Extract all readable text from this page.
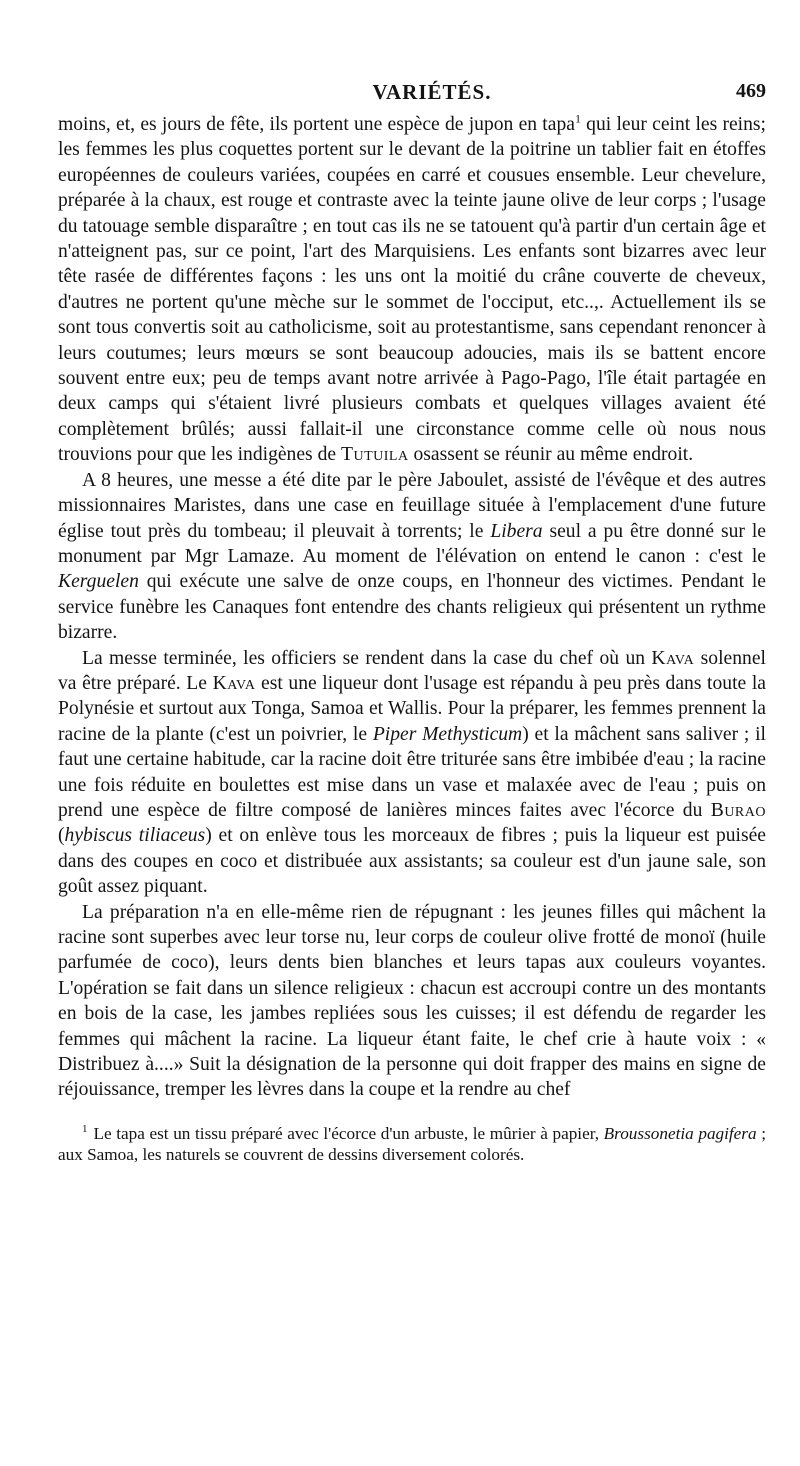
VARIÉTÉS.	469

moins, et, es jours de fête, ils portent une espèce de jupon en tapa$^1$ qui leur ceint les reins; les femmes les plus coquettes portent sur le devant de la poitrine un tablier fait en étoffes européennes de couleurs variées, coupées en carré et cousues ensemble. Leur chevelure, préparée à la chaux, est rouge et contraste avec la teinte jaune olive de leur corps ; l'usage du tatouage semble disparaître ; en tout cas ils ne se tatouent qu'à partir d'un certain âge et n'atteignent pas, sur ce point, l'art des Marquisiens. Les enfants sont bizarres avec leur tête rasée de différentes façons : les uns ont la moitié du crâne couverte de cheveux, d'autres ne portent qu'une mèche sur le sommet de l'occiput, etc..,. Actuellement ils se sont tous convertis soit au catholicisme, soit au protestantisme, sans cependant renoncer à leurs coutumes; leurs mœurs se sont beaucoup adoucies, mais ils se battent encore souvent entre eux; peu de temps avant notre arrivée à Pago-Pago, l'île était partagée en deux camps qui s'étaient livré plusieurs combats et quelques villages avaient été complètement brûlés; aussi fallait-il une circonstance comme celle où nous nous trouvions pour que les indigènes de Tutuila osassent se réunir au même endroit.

A 8 heures, une messe a été dite par le père Jaboulet, assisté de l'évêque et des autres missionnaires Maristes, dans une case en feuillage située à l'emplacement d'une future église tout près du tombeau; il pleuvait à torrents; le Libera seul a pu être donné sur le monument par Mgr Lamaze. Au moment de l'élévation on entend le canon : c'est le Kerguelen qui exécute une salve de onze coups, en l'honneur des victimes. Pendant le service funèbre les Canaques font entendre des chants religieux qui présentent un rythme bizarre.

La messe terminée, les officiers se rendent dans la case du chef où un Kava solennel va être préparé. Le Kava est une liqueur dont l'usage est répandu à peu près dans toute la Polynésie et surtout aux Tonga, Samoa et Wallis. Pour la préparer, les femmes prennent la racine de la plante (c'est un poivrier, le Piper Methysticum) et la mâchent sans saliver ; il faut une certaine habitude, car la racine doit être triturée sans être imbibée d'eau ; la racine une fois réduite en boulettes est mise dans un vase et malaxée avec de l'eau ; puis on prend une espèce de filtre composé de lanières minces faites avec l'écorce du Burao (hybiscus tiliaceus) et on enlève tous les morceaux de fibres ; puis la liqueur est puisée dans des coupes en coco et distribuée aux assistants; sa couleur est d'un jaune sale, son goût assez piquant.

La préparation n'a en elle-même rien de répugnant : les jeunes filles qui mâchent la racine sont superbes avec leur torse nu, leur corps de couleur olive frotté de monoï (huile parfumée de coco), leurs dents bien blanches et leurs tapas aux couleurs voyantes. L'opération se fait dans un silence religieux : chacun est accroupi contre un des montants en bois de la case, les jambes repliées sous les cuisses; il est défendu de regarder les femmes qui mâchent la racine. La liqueur étant faite, le chef crie à haute voix : « Distribuez à....» Suit la désignation de la personne qui doit frapper des mains en signe de réjouissance, tremper les lèvres dans la coupe et la rendre au chef

$^1$ Le tapa est un tissu préparé avec l'écorce d'un arbuste, le mûrier à papier, Broussonetia pagifera ; aux Samoa, les naturels se couvrent de dessins diversement colorés.
